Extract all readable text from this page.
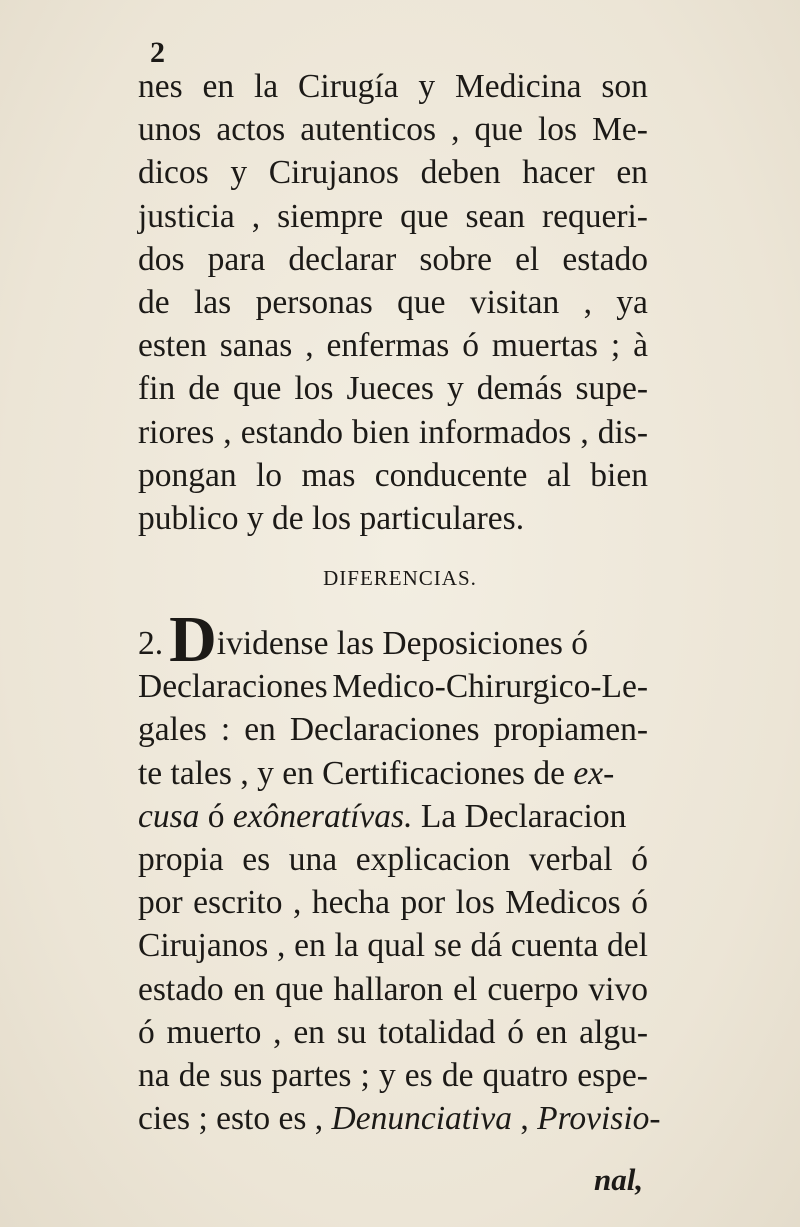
2
nes en la Cirugía y Medicina son
unos actos autenticos , que los Me-
dicos y Cirujanos deben hacer en
justicia , siempre que sean requeri-
dos para declarar sobre el estado
de las personas que visitan , ya
esten sanas , enfermas ó muertas ; à
fin de que los Jueces y demás supe-
riores , estando bien informados , dis-
pongan lo mas conducente al bien
publico y de los particulares.
DIFERENCIAS.
2. D ividense las Deposiciones ó
Declaraciones Medico-Chirurgico-Le-
gales : en Declaraciones propiamen-
te tales , y en Certificaciones de
ex-
cusa
ó
exôneratívas.
La Declaracion
propia es una explicacion verbal ó
por escrito , hecha por los Medicos ó
Cirujanos , en la qual se dá cuenta del
estado en que hallaron el cuerpo vivo
ó muerto , en su totalidad ó en algu-
na de sus partes ; y es de quatro espe-
cies ; esto es ,
Denunciativa , Provisio-
nal,
